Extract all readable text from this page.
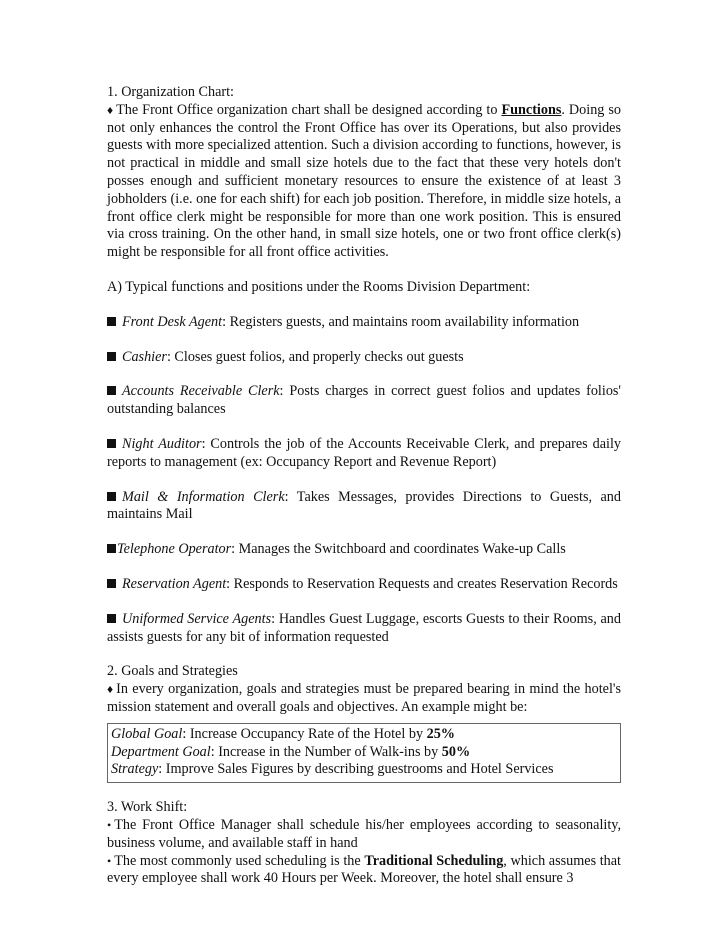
1. Organization Chart:

♦ The Front Office organization chart shall be designed according to Functions. Doing so not only enhances the control the Front Office has over its Operations, but also provides guests with more specialized attention. Such a division according to functions, however, is not practical in middle and small size hotels due to the fact that these very hotels don't posses enough and sufficient monetary resources to ensure the existence of at least 3 jobholders (i.e. one for each shift) for each job position. Therefore, in middle size hotels, a front office clerk might be responsible for more than one work position. This is ensured via cross training. On the other hand, in small size hotels, one or two front office clerk(s) might be responsible for all front office activities.

A) Typical functions and positions under the Rooms Division Department:

Front Desk Agent: Registers guests, and maintains room availability information

Cashier: Closes guest folios, and properly checks out guests

Accounts Receivable Clerk: Posts charges in correct guest folios and updates folios' outstanding balances

Night Auditor: Controls the job of the Accounts Receivable Clerk, and prepares daily reports to management (ex: Occupancy Report and Revenue Report)

Mail & Information Clerk: Takes Messages, provides Directions to Guests, and maintains Mail

Telephone Operator: Manages the Switchboard and coordinates Wake-up Calls

Reservation Agent: Responds to Reservation Requests and creates Reservation Records

Uniformed Service Agents: Handles Guest Luggage, escorts Guests to their Rooms, and assists guests for any bit of information requested

2. Goals and Strategies

♦ In every organization, goals and strategies must be prepared bearing in mind the hotel's mission statement and overall goals and objectives. An example might be:

Global Goal: Increase Occupancy Rate of the Hotel by 25%

Department Goal: Increase in the Number of Walk-ins by 50%

Strategy: Improve Sales Figures by describing guestrooms and Hotel Services

3. Work Shift:

• The Front Office Manager shall schedule his/her employees according to seasonality, business volume, and available staff in hand

• The most commonly used scheduling is the Traditional Scheduling, which assumes that every employee shall work 40 Hours per Week. Moreover, the hotel shall ensure 3
